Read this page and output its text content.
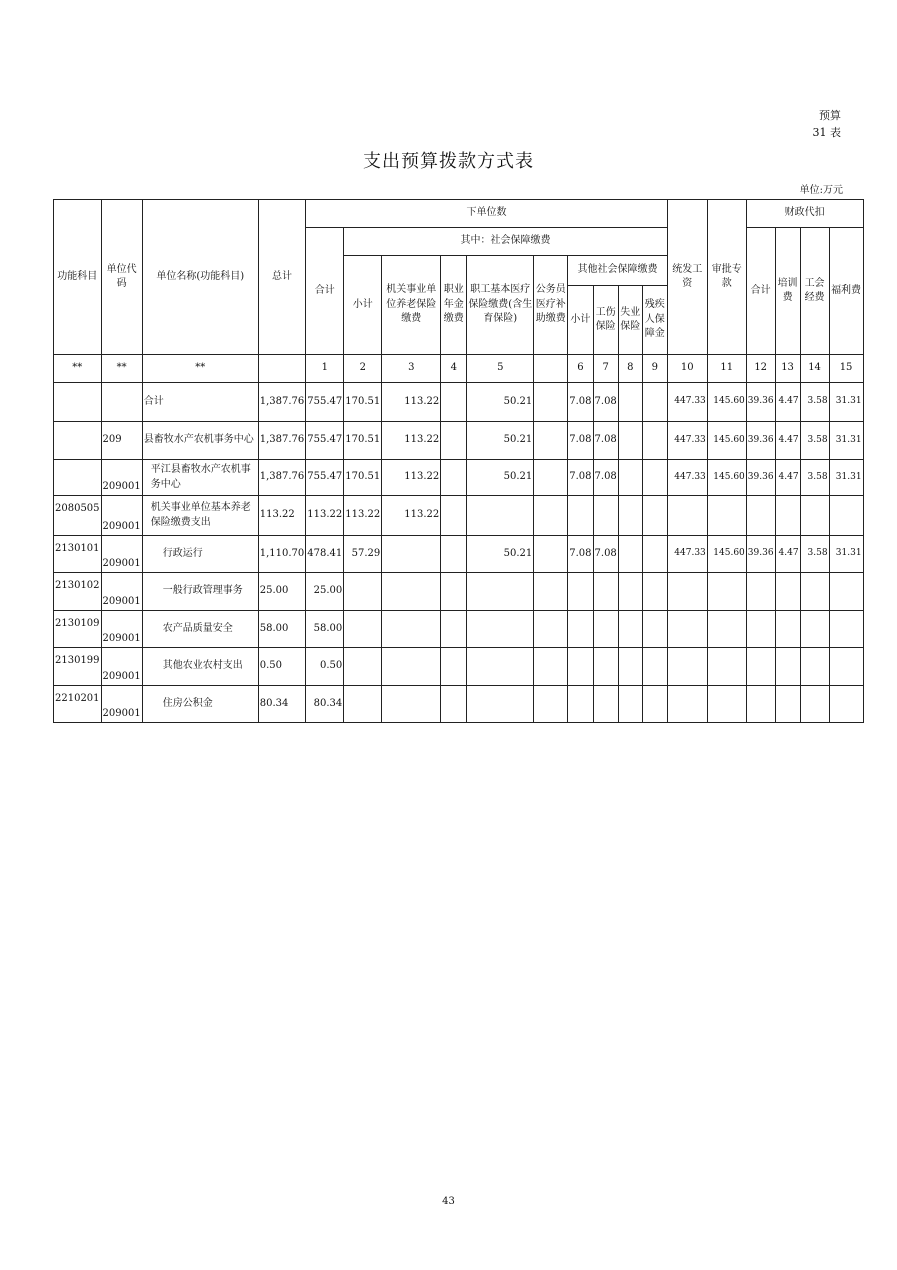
预算
31 表
支出预算拨款方式表
单位:万元
功能科目	单位代码	单位名称(功能科目)	总计	下单位数										统发工资	审批专款	财政代扣			
				合计	其中：社会保障缴费											合计	培训费	工会经费	福利费
					小计	机关事业单位养老保险缴费	职业年金缴费	职工基本医疗保险缴费(含生育保险)	公务员医疗补助缴费	其他社会保障缴费									
										小计	工伤保险	失业保险	残疾人保障金						
**	**	**		1	2	3	4	5		6	7	8	9	10	11	12	13	14	15
		合计	1,387.76	755.47	170.51	113.22		50.21		7.08	7.08			447.33	145.60	39.36	4.47	3.58	31.31
	209	县畜牧水产农机事务中心	1,387.76	755.47	170.51	113.22		50.21		7.08	7.08			447.33	145.60	39.36	4.47	3.58	31.31
	209001	平江县畜牧水产农机事务中心	1,387.76	755.47	170.51	113.22		50.21		7.08	7.08			447.33	145.60	39.36	4.47	3.58	31.31
2080505	209001	机关事业单位基本养老保险缴费支出	113.22	113.22	113.22	113.22													
2130101	209001	行政运行	1,110.70	478.41	57.29			50.21		7.08	7.08			447.33	145.60	39.36	4.47	3.58	31.31
2130102	209001	一般行政管理事务	25.00	25.00															
2130109	209001	农产品质量安全	58.00	58.00															
2130199	209001	其他农业农村支出	0.50	0.50															
2210201	209001	住房公积金	80.34	80.34															
43
